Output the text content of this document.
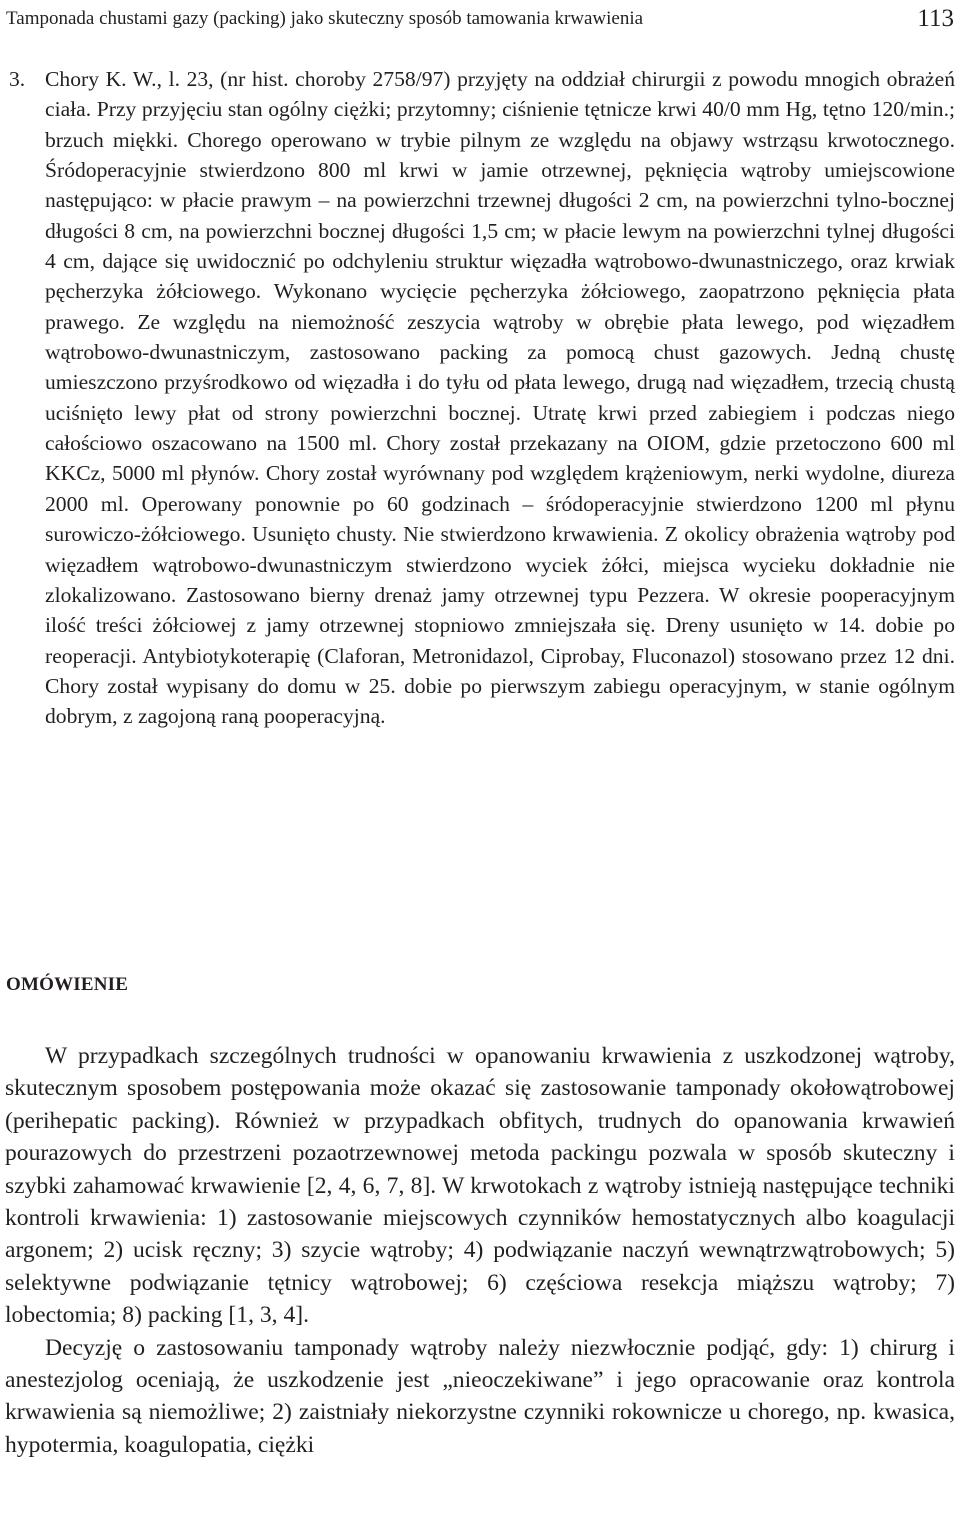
Tamponada chustami gazy (packing) jako skuteczny sposób tamowania krwawienia	113
3. Chory K. W., l. 23, (nr hist. choroby 2758/97) przyjęty na oddział chirurgii z powodu mnogich obrażeń ciała. Przy przyjęciu stan ogólny ciężki; przytomny; ciśnienie tętnicze krwi 40/0 mm Hg, tętno 120/min.; brzuch miękki. Chorego operowano w trybie pilnym ze względu na objawy wstrząsu krwotocznego. Śródoperacyjnie stwierdzono 800 ml krwi w jamie otrzewnej, pęknięcia wątroby umiejscowione następująco: w płacie prawym – na powierzchni trzewnej długości 2 cm, na powierzchni tylno-bocznej długości 8 cm, na powierzchni bocznej długości 1,5 cm; w płacie lewym na powierzchni tylnej długości 4 cm, dające się uwidocznić po odchyleniu struktur więzadła wątrobowo-dwunastniczego, oraz krwiak pęcherzyka żółciowego. Wykonano wycięcie pęcherzyka żółciowego, zaopatrzono pęknięcia płata prawego. Ze względu na niemożność zeszycia wątroby w obrębie płata lewego, pod więzadłem wątrobowo-dwunastniczym, zastosowano packing za pomocą chust gazowych. Jedną chustę umieszczono przyśrodkowo od więzadła i do tyłu od płata lewego, drugą nad więzadłem, trzecią chustą uciśnięto lewy płat od strony powierzchni bocznej. Utratę krwi przed zabiegiem i podczas niego całościowo oszacowano na 1500 ml. Chory został przekazany na OIOM, gdzie przetoczono 600 ml KKCz, 5000 ml płynów. Chory został wyrównany pod względem krążeniowym, nerki wydolne, diureza 2000 ml. Operowany ponownie po 60 godzinach – śródoperacyjnie stwierdzono 1200 ml płynu surowiczo-żółciowego. Usunięto chusty. Nie stwierdzono krwawienia. Z okolicy obrażenia wątroby pod więzadłem wątrobowo-dwunastniczym stwierdzono wyciek żółci, miejsca wycieku dokładnie nie zlokalizowano. Zastosowano bierny drenaż jamy otrzewnej typu Pezzera. W okresie pooperacyjnym ilość treści żółciowej z jamy otrzewnej stopniowo zmniejszała się. Dreny usunięto w 14. dobie po reoperacji. Antybiotykoterapię (Claforan, Metronidazol, Ciprobay, Fluconazol) stosowano przez 12 dni. Chory został wypisany do domu w 25. dobie po pierwszym zabiegu operacyjnym, w stanie ogólnym dobrym, z zagojoną raną pooperacyjną.
OMÓWIENIE

W przypadkach szczególnych trudności w opanowaniu krwawienia z uszkodzonej wątroby, skutecznym sposobem postępowania może okazać się zastosowanie tamponady okołowątrobowej (perihepatic packing). Również w przypadkach obfitych, trudnych do opanowania krwawień pourazowych do przestrzeni pozaotrzewnowej metoda packingu pozwala w sposób skuteczny i szybki zahamować krwawienie [2, 4, 6, 7, 8]. W krwotokach z wątroby istnieją następujące techniki kontroli krwawienia: 1) zastosowanie miejscowych czynników hemostatycznych albo koagulacji argonem; 2) ucisk ręczny; 3) szycie wątroby; 4) podwiązanie naczyń wewnątrzwątrobowych; 5) selektywne podwiązanie tętnicy wątrobowej; 6) częściowa resekcja miąższu wątroby; 7) lobectomia; 8) packing [1, 3, 4].

Decyzję o zastosowaniu tamponady wątroby należy niezwłocznie podjąć, gdy: 1) chirurg i anestezjolog oceniają, że uszkodzenie jest „nieoczekiwane” i jego opracowanie oraz kontrola krwawienia są niemożliwe; 2) zaistniały niekorzystne czynniki rokownicze u chorego, np. kwasica, hypotermia, koagulopatia, ciężki
